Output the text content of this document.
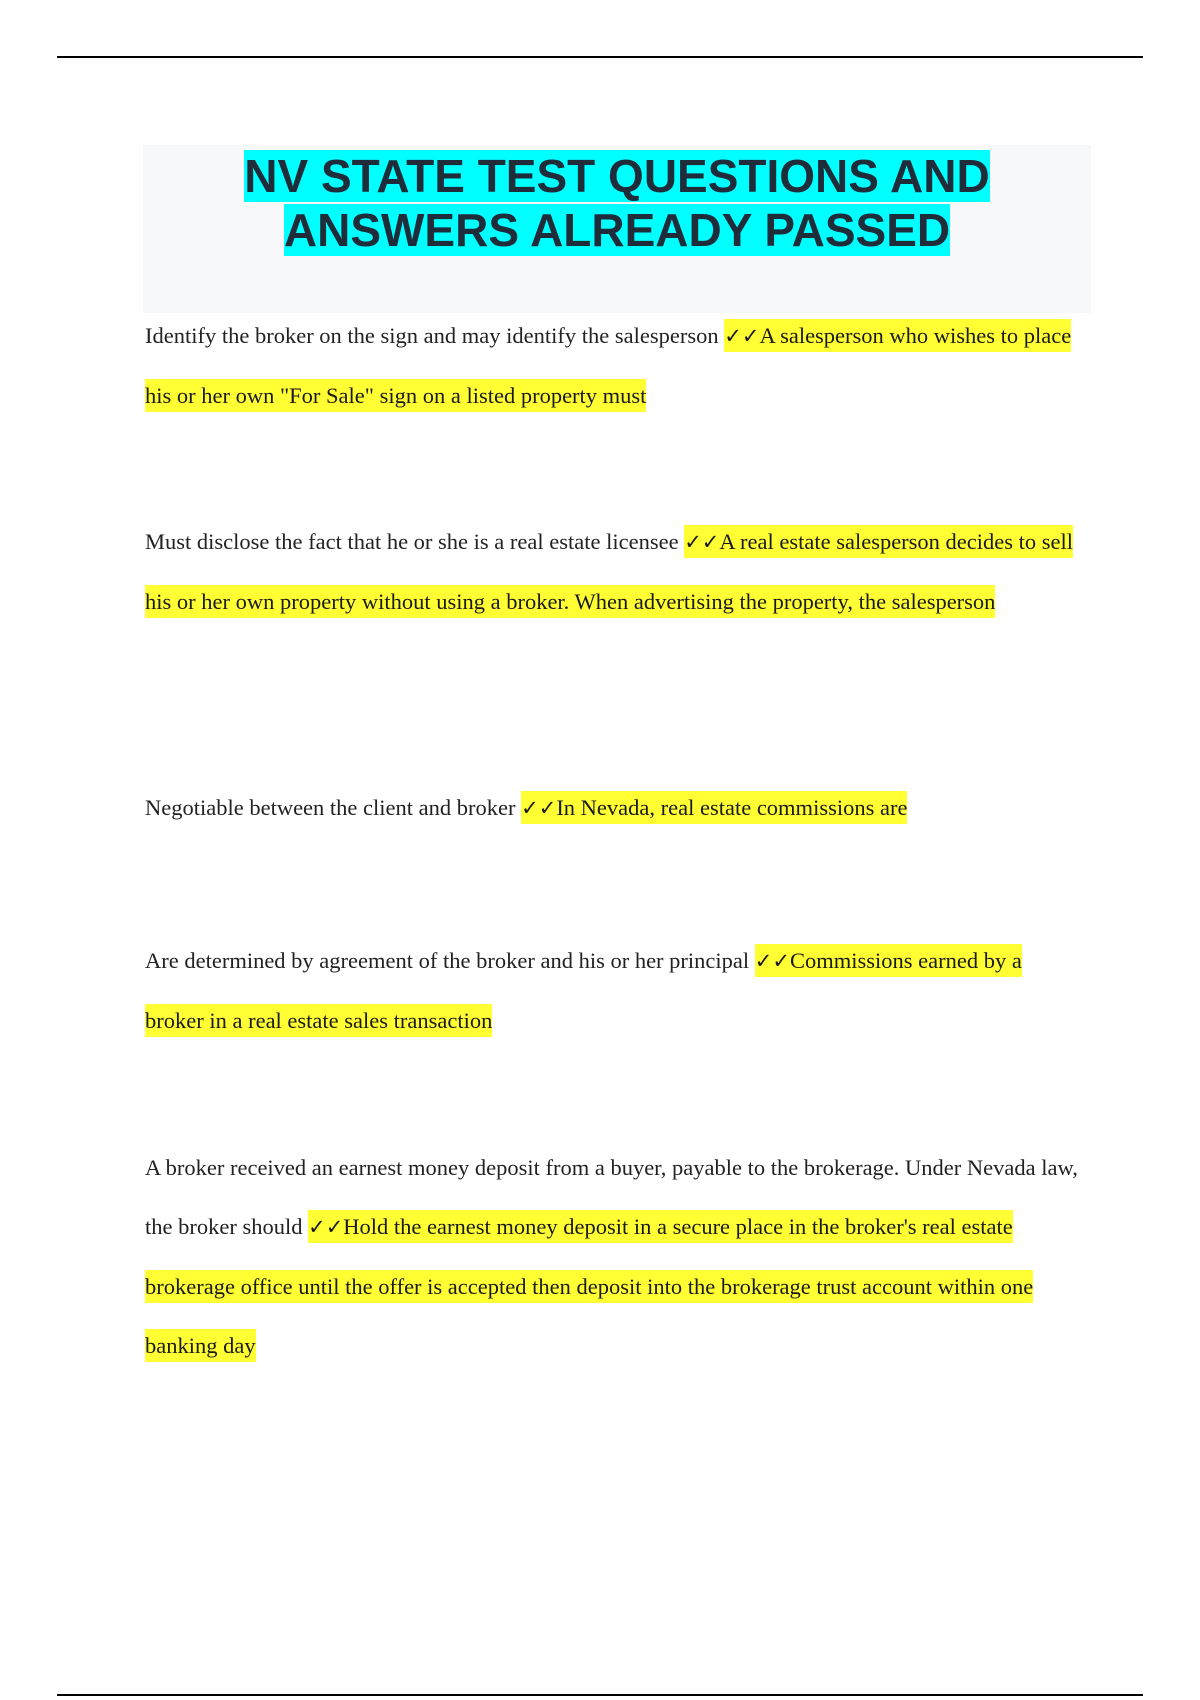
NV STATE TEST QUESTIONS AND ANSWERS ALREADY PASSED

Identify the broker on the sign and may identify the salesperson ✓✓A salesperson who wishes to place his or her own "For Sale" sign on a listed property must

Must disclose the fact that he or she is a real estate licensee ✓✓A real estate salesperson decides to sell his or her own property without using a broker. When advertising the property, the salesperson

Negotiable between the client and broker ✓✓In Nevada, real estate commissions are

Are determined by agreement of the broker and his or her principal ✓✓Commissions earned by a broker in a real estate sales transaction

A broker received an earnest money deposit from a buyer, payable to the brokerage. Under Nevada law, the broker should ✓✓Hold the earnest money deposit in a secure place in the broker's real estate brokerage office until the offer is accepted then deposit into the brokerage trust account within one banking day
